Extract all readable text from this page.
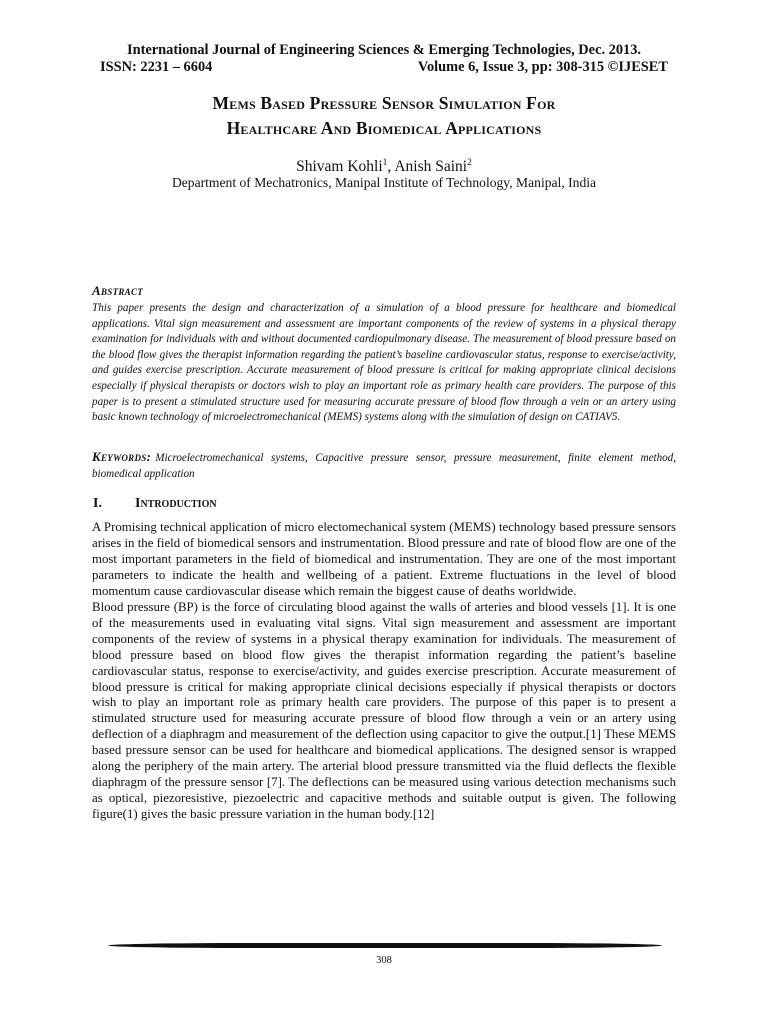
International Journal of Engineering Sciences & Emerging Technologies, Dec. 2013.
ISSN: 2231 – 6604	Volume 6, Issue 3, pp: 308-315 ©IJESET
Mems Based Pressure Sensor Simulation For
Healthcare And Biomedical Applications
Shivam Kohli$^1$, Anish Saini$^2$
Department of Mechatronics, Manipal Institute of Technology, Manipal, India
Abstract
This paper presents the design and characterization of a simulation of a blood pressure for healthcare and biomedical applications. Vital sign measurement and assessment are important components of the review of systems in a physical therapy examination for individuals with and without documented cardiopulmonary disease. The measurement of blood pressure based on the blood flow gives the therapist information regarding the patient’s baseline cardiovascular status, response to exercise/activity, and guides exercise prescription. Accurate measurement of blood pressure is critical for making appropriate clinical decisions especially if physical therapists or doctors wish to play an important role as primary health care providers. The purpose of this paper is to present a stimulated structure used for measuring accurate pressure of blood flow through a vein or an artery using basic known technology of microelectromechanical (MEMS) systems along with the simulation of design on CATIAV5.
Keywords: Microelectromechanical systems, Capacitive pressure sensor, pressure measurement, finite element method, biomedical application
I. Introduction

A Promising technical application of micro electomechanical system (MEMS) technology based pressure sensors arises in the field of biomedical sensors and instrumentation. Blood pressure and rate of blood flow are one of the most important parameters in the field of biomedical and instrumentation. They are one of the most important parameters to indicate the health and wellbeing of a patient. Extreme fluctuations in the level of blood momentum cause cardiovascular disease which remain the biggest cause of deaths worldwide.

Blood pressure (BP) is the force of circulating blood against the walls of arteries and blood vessels [1]. It is one of the measurements used in evaluating vital signs. Vital sign measurement and assessment are important components of the review of systems in a physical therapy examination for individuals. The measurement of blood pressure based on blood flow gives the therapist information regarding the patient’s baseline cardiovascular status, response to exercise/activity, and guides exercise prescription. Accurate measurement of blood pressure is critical for making appropriate clinical decisions especially if physical therapists or doctors wish to play an important role as primary health care providers. The purpose of this paper is to present a stimulated structure used for measuring accurate pressure of blood flow through a vein or an artery using deflection of a diaphragm and measurement of the deflection using capacitor to give the output.[1] These MEMS based pressure sensor can be used for healthcare and biomedical applications. The designed sensor is wrapped along the periphery of the main artery. The arterial blood pressure transmitted via the fluid deflects the flexible diaphragm of the pressure sensor [7]. The deflections can be measured using various detection mechanisms such as optical, piezoresistive, piezoelectric and capacitive methods and suitable output is given. The following figure(1) gives the basic pressure variation in the human body.[12]

308
